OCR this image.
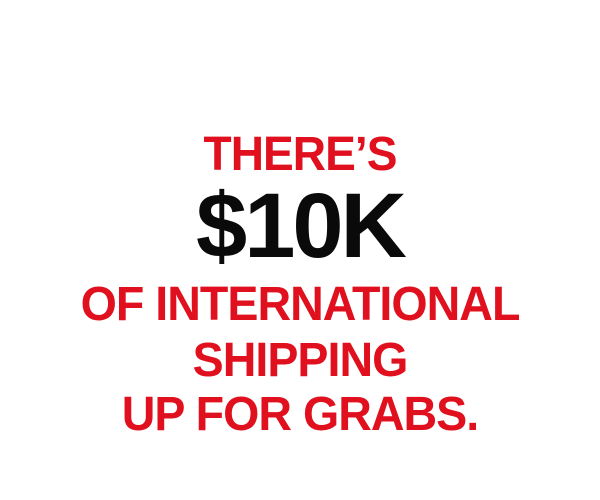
THERE’S
$10K
OF INTERNATIONAL
SHIPPING
UP FOR GRABS.
